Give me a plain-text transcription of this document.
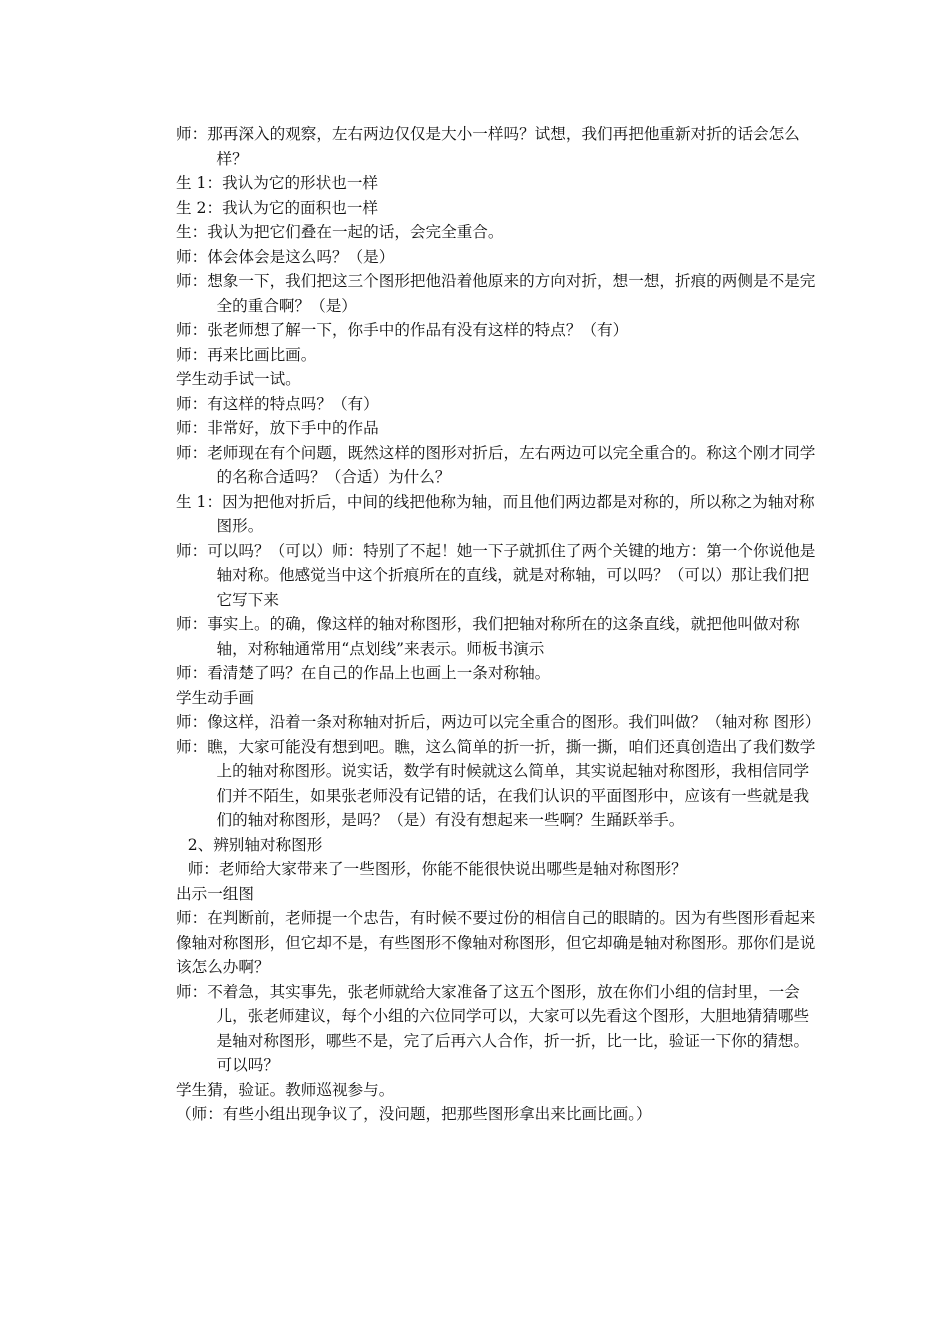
师：那再深入的观察，左右两边仅仅是大小一样吗？试想，我们再把他重新对折的话会怎么样？

生 1：我认为它的形状也一样

生 2：我认为它的面积也一样

生：我认为把它们叠在一起的话，会完全重合。

师：体会体会是这么吗？（是）

师：想象一下，我们把这三个图形把他沿着他原来的方向对折，想一想，折痕的两侧是不是完全的重合啊？（是）

师：张老师想了解一下，你手中的作品有没有这样的特点？（有）

师：再来比画比画。

学生动手试一试。

师：有这样的特点吗？（有）

师：非常好，放下手中的作品

师：老师现在有个问题，既然这样的图形对折后，左右两边可以完全重合的。称这个刚才同学的名称合适吗？（合适）为什么？

生 1：因为把他对折后，中间的线把他称为轴，而且他们两边都是对称的，所以称之为轴对称图形。

师：可以吗？（可以）师：特别了不起！她一下子就抓住了两个关键的地方：第一个你说他是轴对称。他感觉当中这个折痕所在的直线，就是对称轴，可以吗？（可以）那让我们把它写下来

师：事实上。的确，像这样的轴对称图形，我们把轴对称所在的这条直线，就把他叫做对称轴，对称轴通常用“点划线”来表示。师板书演示

师：看清楚了吗？在自己的作品上也画上一条对称轴。

学生动手画

师：像这样，沿着一条对称轴对折后，两边可以完全重合的图形。我们叫做？（轴对称 图形）

师：瞧，大家可能没有想到吧。瞧，这么简单的折一折，撕一撕，咱们还真创造出了我们数学上的轴对称图形。说实话，数学有时候就这么简单，其实说起轴对称图形，我相信同学们并不陌生，如果张老师没有记错的话，在我们认识的平面图形中，应该有一些就是我们的轴对称图形，是吗？（是）有没有想起来一些啊？生踊跃举手。

2、辨别轴对称图形

师：老师给大家带来了一些图形，你能不能很快说出哪些是轴对称图形？

出示一组图

师：在判断前，老师提一个忠告，有时候不要过份的相信自己的眼睛的。因为有些图形看起来像轴对称图形，但它却不是，有些图形不像轴对称图形，但它却确是轴对称图形。那你们是说该怎么办啊？

师：不着急，其实事先，张老师就给大家准备了这五个图形，放在你们小组的信封里，一会儿，张老师建议，每个小组的六位同学可以，大家可以先看这个图形，大胆地猜猜哪些是轴对称图形，哪些不是，完了后再六人合作，折一折，比一比，验证一下你的猜想。可以吗？

学生猜，验证。教师巡视参与。

（师：有些小组出现争议了，没问题，把那些图形拿出来比画比画。）
